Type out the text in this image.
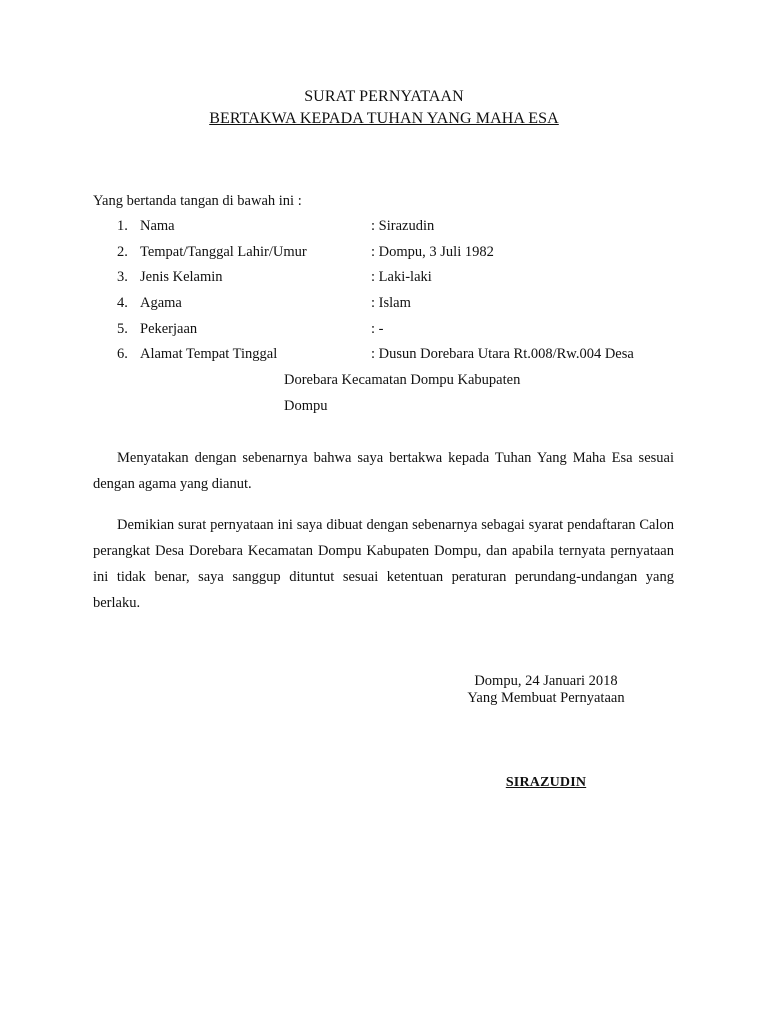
SURAT PERNYATAAN
BERTAKWA KEPADA TUHAN YANG MAHA ESA
Yang bertanda tangan di bawah ini :
1. Nama	: Sirazudin
2. Tempat/Tanggal Lahir/Umur	: Dompu, 3 Juli 1982
3. Jenis Kelamin	: Laki-laki
4. Agama	: Islam
5. Pekerjaan	: -
6. Alamat Tempat Tinggal	: Dusun Dorebara Utara Rt.008/Rw.004 Desa
Dorebara Kecamatan Dompu Kabupaten
Dompu
Menyatakan dengan sebenarnya bahwa saya bertakwa kepada Tuhan Yang Maha Esa sesuai dengan agama yang dianut.
Demikian surat pernyataan ini saya dibuat dengan sebenarnya sebagai syarat pendaftaran Calon perangkat Desa Dorebara Kecamatan Dompu Kabupaten Dompu, dan apabila ternyata pernyataan ini tidak benar, saya sanggup dituntut sesuai ketentuan peraturan perundang-undangan yang berlaku.
Dompu, 24 Januari 2018
Yang Membuat Pernyataan
SIRAZUDIN
